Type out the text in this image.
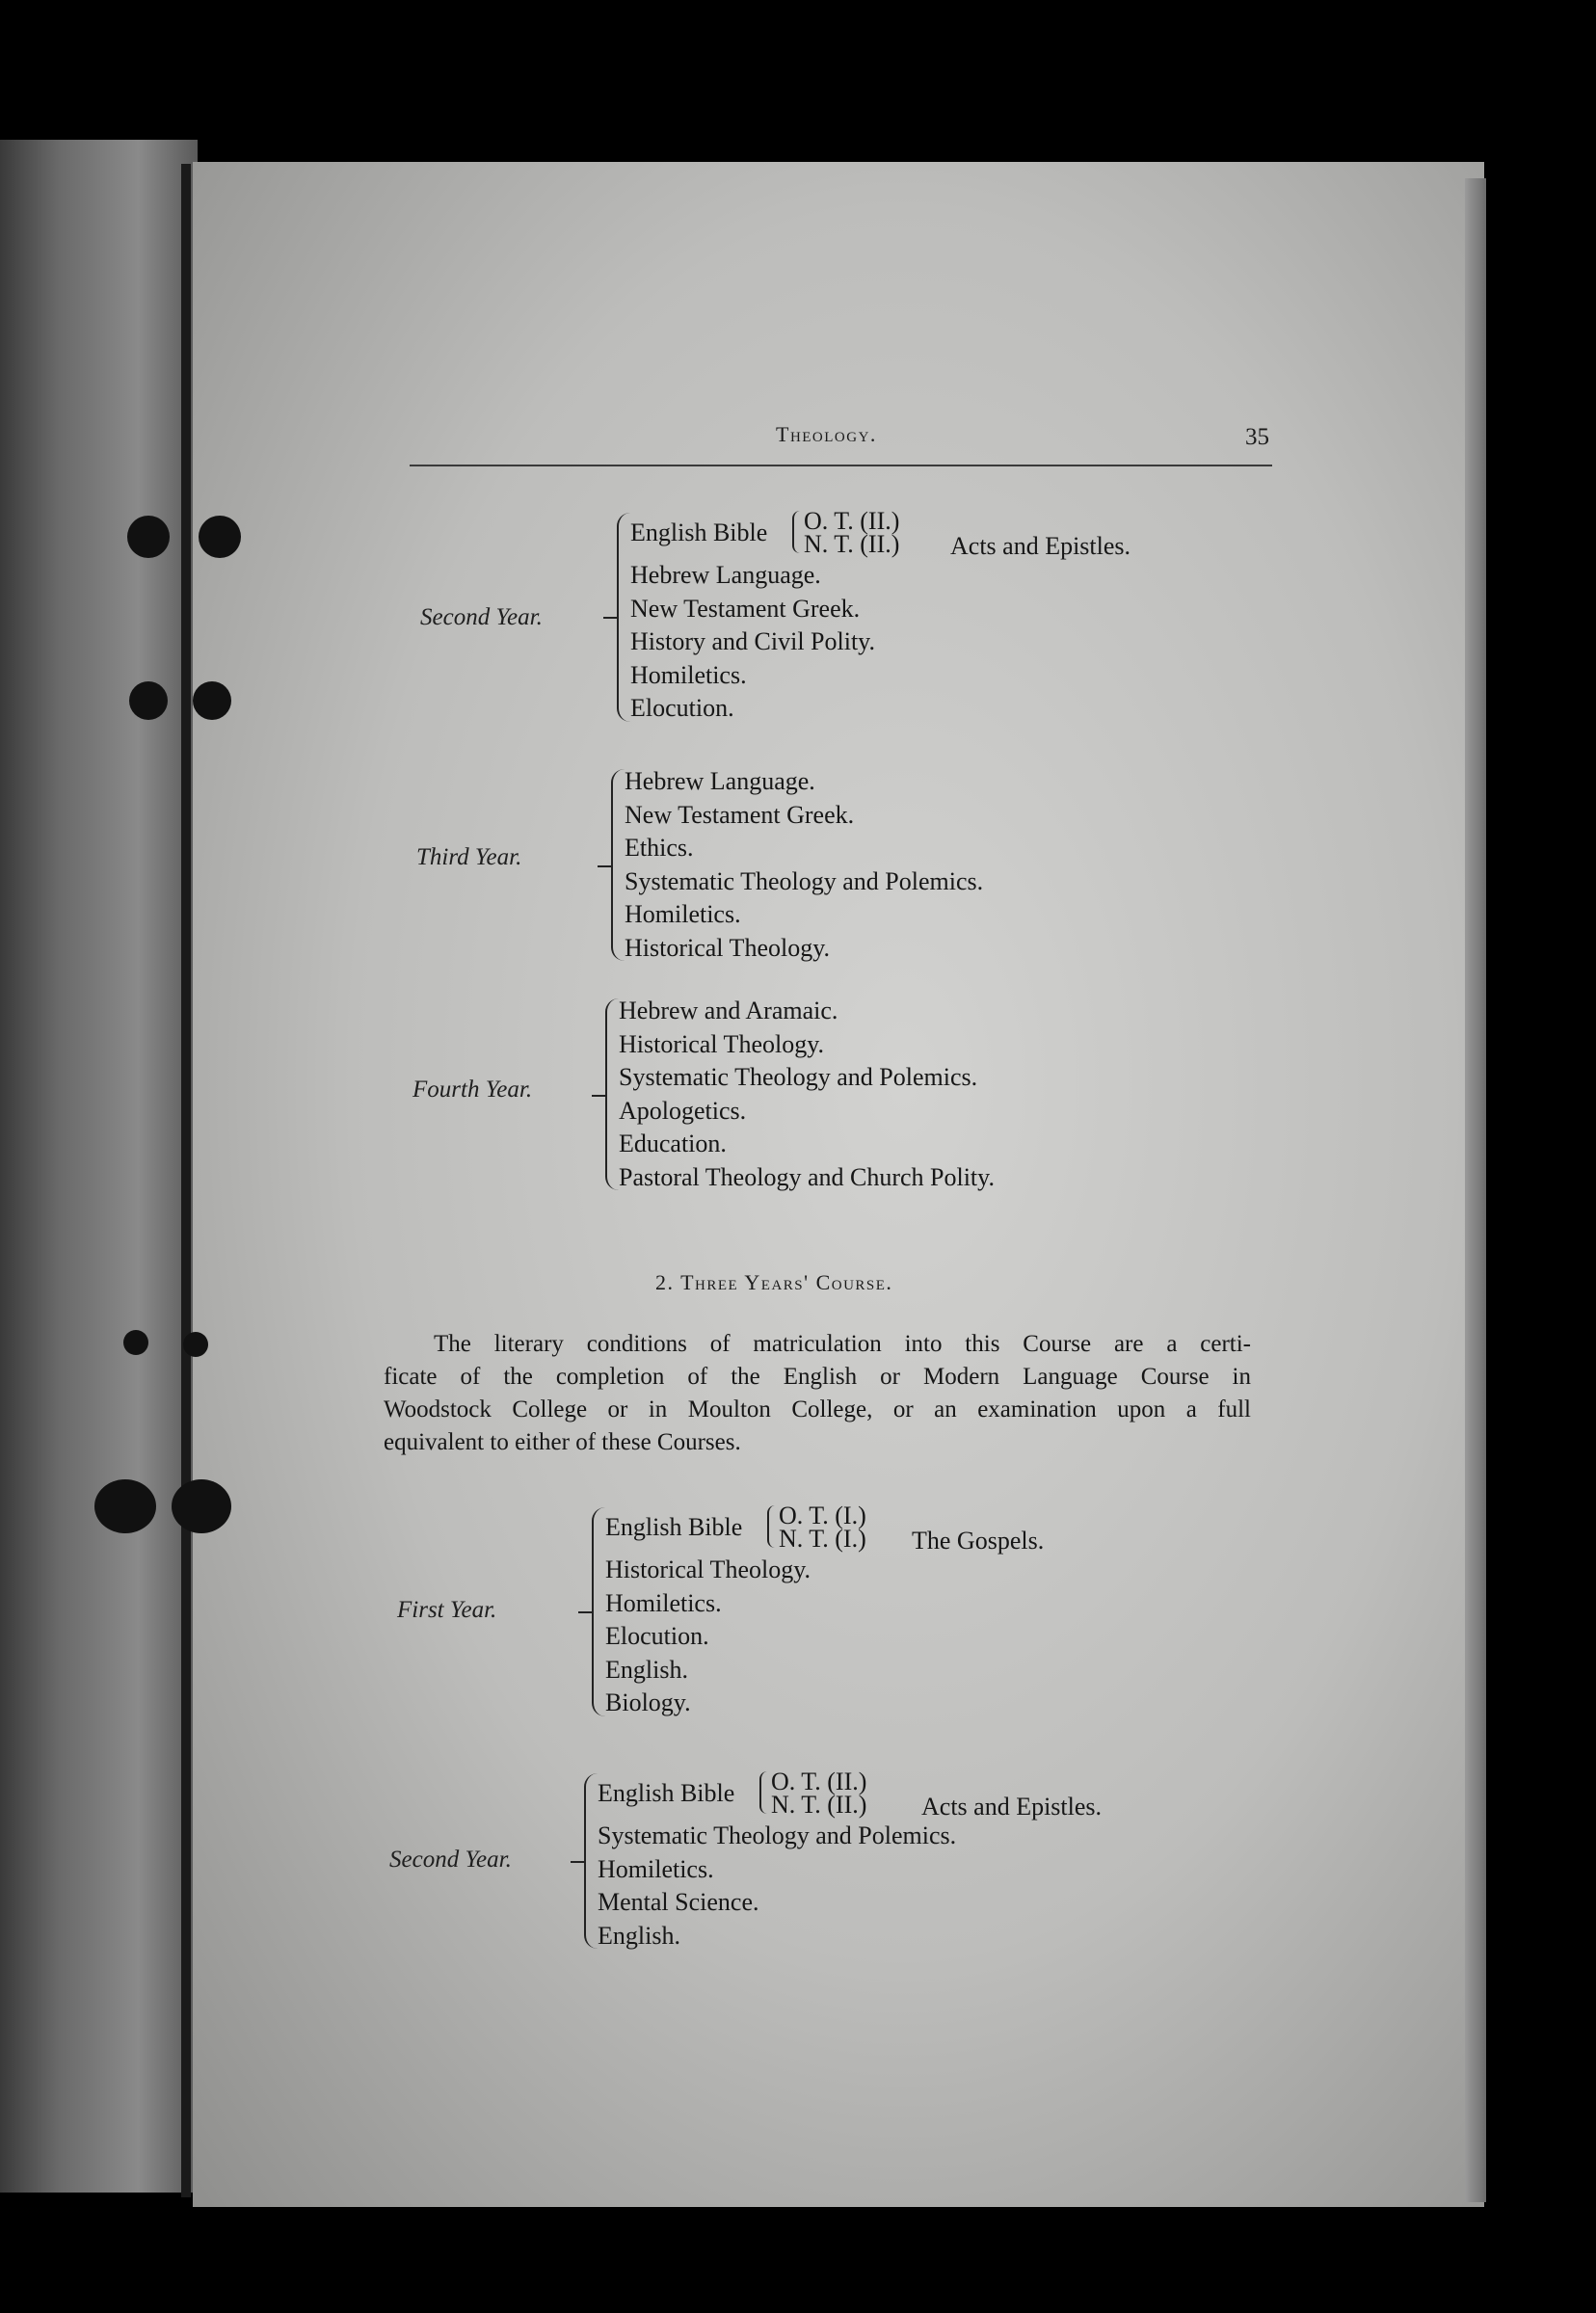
Theology.	35
Second Year.
English Bible O. T. (II.)
N. T. (II.) Acts and Epistles.
Hebrew Language.
New Testament Greek.
History and Civil Polity.
Homiletics.
Elocution.
Third Year.
Hebrew Language.
New Testament Greek.
Ethics.
Systematic Theology and Polemics.
Homiletics.
Historical Theology.
Fourth Year.
Hebrew and Aramaic.
Historical Theology.
Systematic Theology and Polemics.
Apologetics.
Education.
Pastoral Theology and Church Polity.
2. Three Years' Course.
The literary conditions of matriculation into this Course are a certi-
ficate of the completion of the English or Modern Language Course in
Woodstock College or in Moulton College, or an examination upon a full
equivalent to either of these Courses.
First Year.
English Bible O. T. (I.)
N. T. (I.) The Gospels.
Historical Theology.
Homiletics.
Elocution.
English.
Biology.
Second Year.
English Bible O. T. (II.)
N. T. (II.) Acts and Epistles.
Systematic Theology and Polemics.
Homiletics.
Mental Science.
English.
